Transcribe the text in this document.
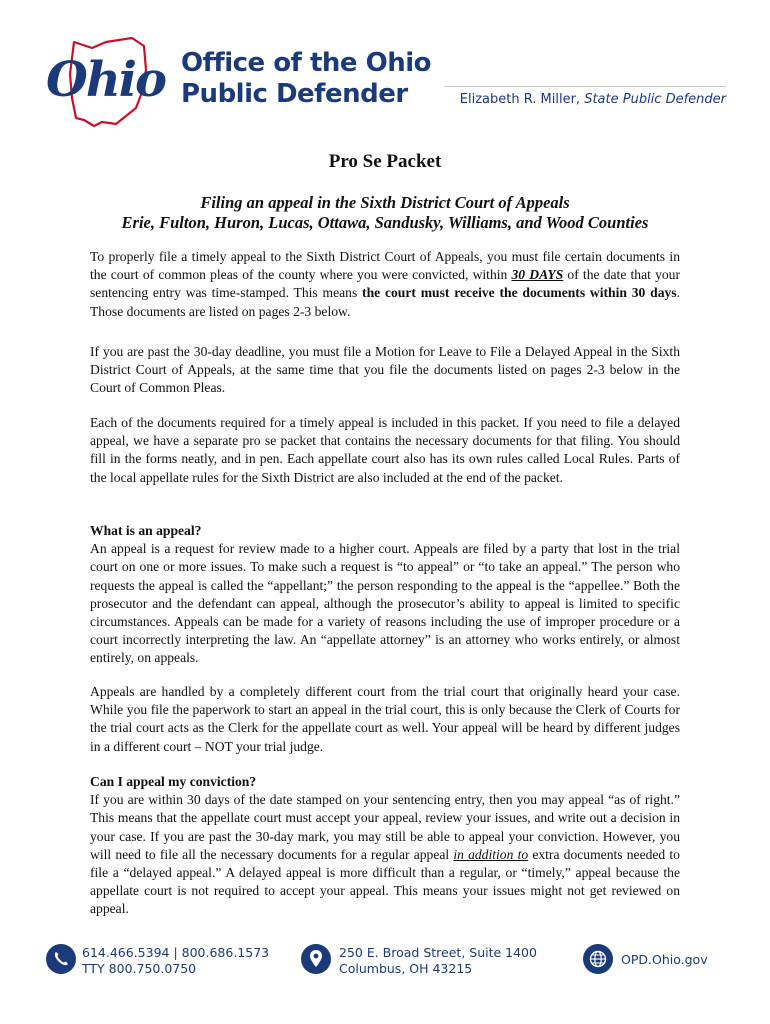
Ohio Office of the Ohio
Public Defender	Elizabeth R. Miller, State Public Defender
Pro Se Packet
Filing an appeal in the Sixth District Court of Appeals
Erie, Fulton, Huron, Lucas, Ottawa, Sandusky, Williams, and Wood Counties
To properly file a timely appeal to the Sixth District Court of Appeals, you must file certain documents in the court of common pleas of the county where you were convicted, within 30 DAYS of the date that your sentencing entry was time-stamped. This means the court must receive the documents within 30 days. Those documents are listed on pages 2-3 below.
If you are past the 30-day deadline, you must file a Motion for Leave to File a Delayed Appeal in the Sixth District Court of Appeals, at the same time that you file the documents listed on pages 2-3 below in the Court of Common Pleas.
Each of the documents required for a timely appeal is included in this packet. If you need to file a delayed appeal, we have a separate pro se packet that contains the necessary documents for that filing. You should fill in the forms neatly, and in pen. Each appellate court also has its own rules called Local Rules. Parts of the local appellate rules for the Sixth District are also included at the end of the packet.
What is an appeal?
An appeal is a request for review made to a higher court. Appeals are filed by a party that lost in the trial court on one or more issues. To make such a request is “to appeal” or “to take an appeal.” The person who requests the appeal is called the “appellant;” the person responding to the appeal is the “appellee.” Both the prosecutor and the defendant can appeal, although the prosecutor’s ability to appeal is limited to specific circumstances. Appeals can be made for a variety of reasons including the use of improper procedure or a court incorrectly interpreting the law. An “appellate attorney” is an attorney who works entirely, or almost entirely, on appeals.
Appeals are handled by a completely different court from the trial court that originally heard your case. While you file the paperwork to start an appeal in the trial court, this is only because the Clerk of Courts for the trial court acts as the Clerk for the appellate court as well. Your appeal will be heard by different judges in a different court – NOT your trial judge.
Can I appeal my conviction?
If you are within 30 days of the date stamped on your sentencing entry, then you may appeal “as of right.” This means that the appellate court must accept your appeal, review your issues, and write out a decision in your case. If you are past the 30-day mark, you may still be able to appeal your conviction. However, you will need to file all the necessary documents for a regular appeal in addition to extra documents needed to file a “delayed appeal.” A delayed appeal is more difficult than a regular, or “timely,” appeal because the appellate court is not required to accept your appeal. This means your issues might not get reviewed on appeal.
614.466.5394 | 800.686.1573
TTY 800.750.0750
250 E. Broad Street, Suite 1400
Columbus, OH 43215
OPD.Ohio.gov
